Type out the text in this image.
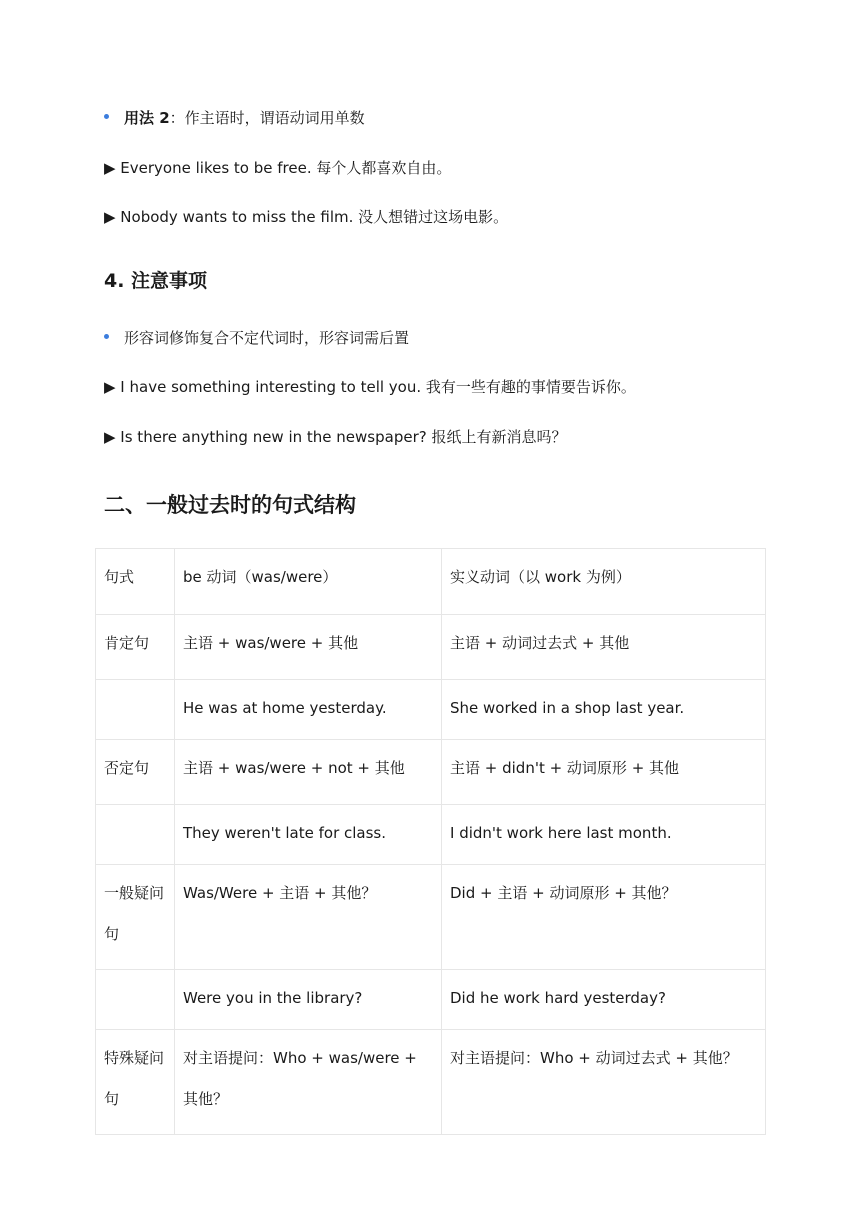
用法 2：作主语时，谓语动词用单数
▶ Everyone likes to be free. 每个人都喜欢自由。
▶ Nobody wants to miss the film. 没人想错过这场电影。
4. 注意事项
形容词修饰复合不定代词时，形容词需后置
▶ I have something interesting to tell you. 我有一些有趣的事情要告诉你。
▶ Is there anything new in the newspaper? 报纸上有新消息吗？
二、一般过去时的句式结构
句式	be 动词（was/were）	实义动词（以 work 为例）

肯定句	主语 + was/were + 其他	主语 + 动词过去式 + 其他

	He was at home yesterday.	She worked in a shop last year.

否定句	主语 + was/were + not + 其他	主语 + didn't + 动词原形 + 其他

	They weren't late for class.	I didn't work here last month.

一般疑问句	Was/Were + 主语 + 其他？	Did + 主语 + 动词原形 + 其他？

	Were you in the library?	Did he work hard yesterday?

特殊疑问句	对主语提问：Who + was/were + 其他？	对主语提问：Who + 动词过去式 + 其他？
